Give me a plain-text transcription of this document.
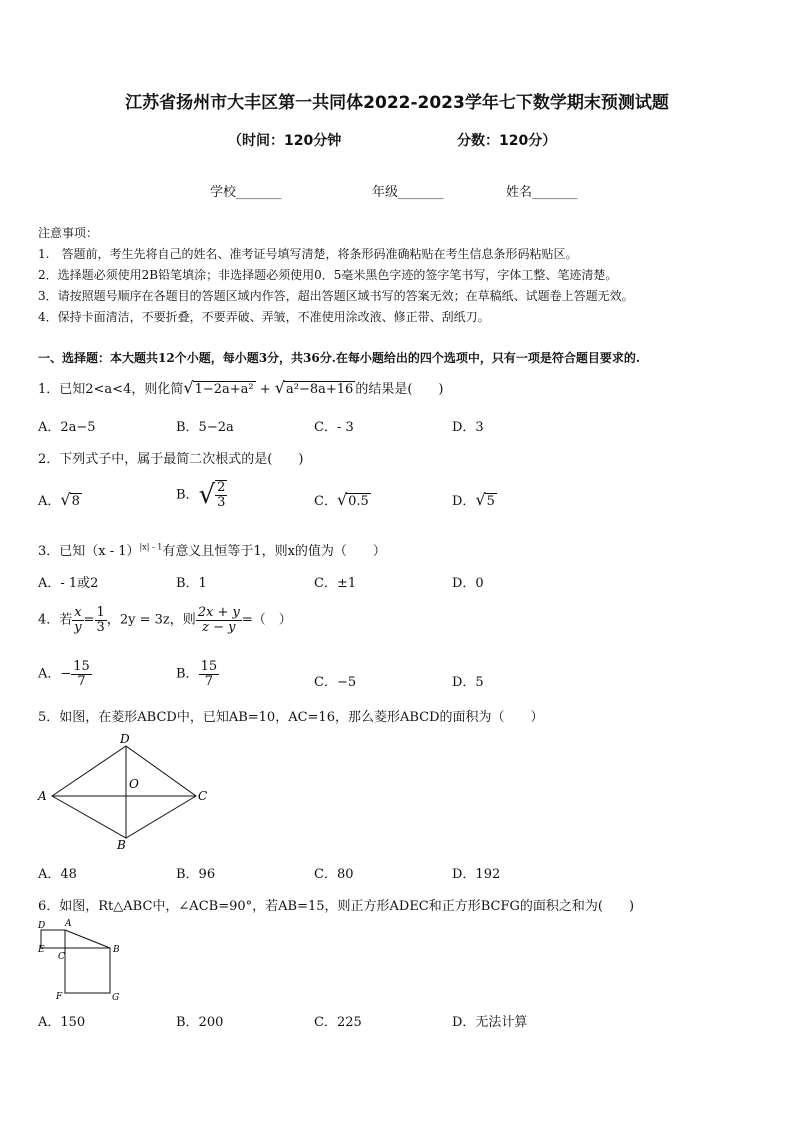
江苏省扬州市大丰区第一共同体2022-2023学年七下数学期末预测试题
（时间：120分钟	分数：120分）
学校_______	年级_______	姓名_______
注意事项：
1.　答题前，考生先将自己的姓名、准考证号填写清楚，将条形码准确粘贴在考生信息条形码粘贴区。
2．选择题必须使用2B铅笔填涂；非选择题必须使用0．5毫米黑色字迹的签字笔书写，字体工整、笔迹清楚。
3．请按照题号顺序在各题目的答题区域内作答，超出答题区域书写的答案无效；在草稿纸、试题卷上答题无效。
4．保持卡面清洁，不要折叠，不要弄破、弄皱，不准使用涂改液、修正带、刮纸刀。
一、选择题：本大题共12个小题，每小题3分，共36分.在每小题给出的四个选项中，只有一项是符合题目要求的.
1．已知2<a<4，则化简√1−2a+a² + √a²−8a+16 的结果是(　　)
A．2a−5	B．5−2a	C．- 3	D．3
2．下列式子中，属于最简二次根式的是(　　)
A．√8	B．√ $\frac{2}{3}$	C．√0.5	D．√5
3．已知（x - 1）$^{|x| - 1}$有意义且恒等于1，则x的值为（　　）
A．- 1或2	B．1	C．±1	D．0
4．若 $\frac{x}{y} = \frac{1}{3}$ ，2y = 3z，则 $\frac{2x + y}{z - y}$ =（　）
A．− $\frac{15}{7}$	B． $\frac{15}{7}$	C．−5	D．5
5．如图，在菱形ABCD中，已知AB=10，AC=16，那么菱形ABCD的面积为（　　）
A	C
D
B
O
A．48	B．96	C．80	D．192
6．如图，Rt△ABC中，∠ACB=90°，若AB=15，则正方形ADEC和正方形BCFG的面积之和为(　　)
A
D
E
C
B
F	G
A．150	B．200	C．225	D．无法计算
